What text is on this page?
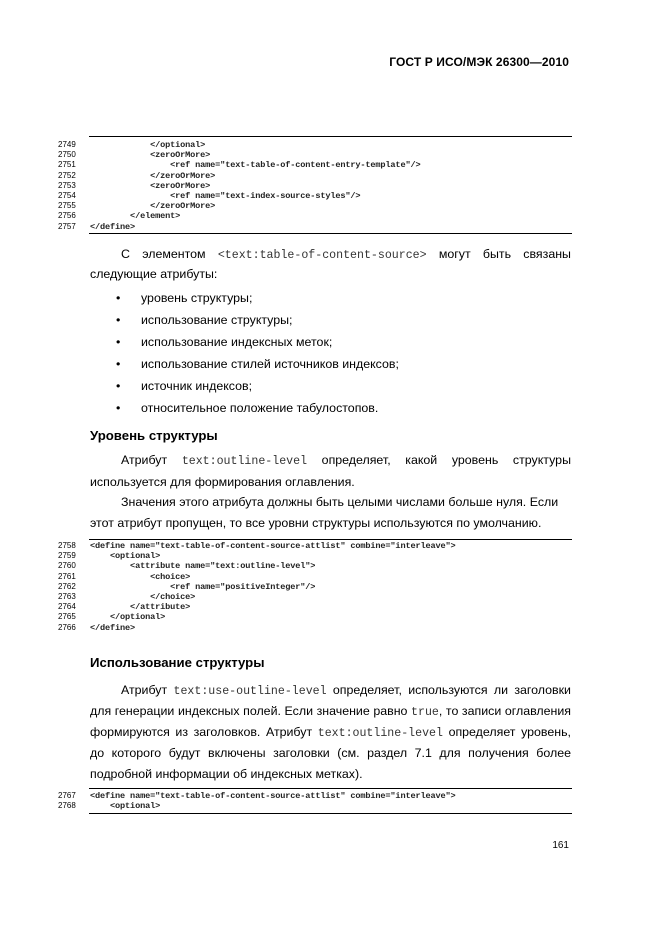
ГОСТ Р ИСО/МЭК 26300—2010
2749	</optional>
2750	<zeroOrMore>
2751	<ref name="text-table-of-content-entry-template"/>
2752	</zeroOrMore>
2753	<zeroOrMore>
2754	<ref name="text-index-source-styles"/>
2755	</zeroOrMore>
2756	</element>
2757	</define>
С элементом <text:table-of-content-source> могут быть связаны
следующие атрибуты:
• уровень структуры;
• использование структуры;
• использование индексных меток;
• использование стилей источников индексов;
• источник индексов;
• относительное положение табулостопов.
Уровень структуры
Атрибут text:outline-level определяет, какой уровень структуры
используется для формирования оглавления.
Значения этого атрибута должны быть целыми числами больше нуля. Если
этот атрибут пропущен, то все уровни структуры используются по умолчанию.
2758	<define name="text-table-of-content-source-attlist" combine="interleave">
2759	<optional>
2760	<attribute name="text:outline-level">
2761	<choice>
2762	<ref name="positiveInteger"/>
2763	</choice>
2764	</attribute>
2765	</optional>
2766	</define>
Использование структуры
Атрибут text:use-outline-level определяет, используются ли заголовки
для генерации индексных полей. Если значение равно true, то записи оглавления
формируются из заголовков. Атрибут text:outline-level определяет уровень,
до которого будут включены заголовки (см. раздел 7.1 для получения более
подробной информации об индексных метках).
2767	<define name="text-table-of-content-source-attlist" combine="interleave">
2768	<optional>
161
